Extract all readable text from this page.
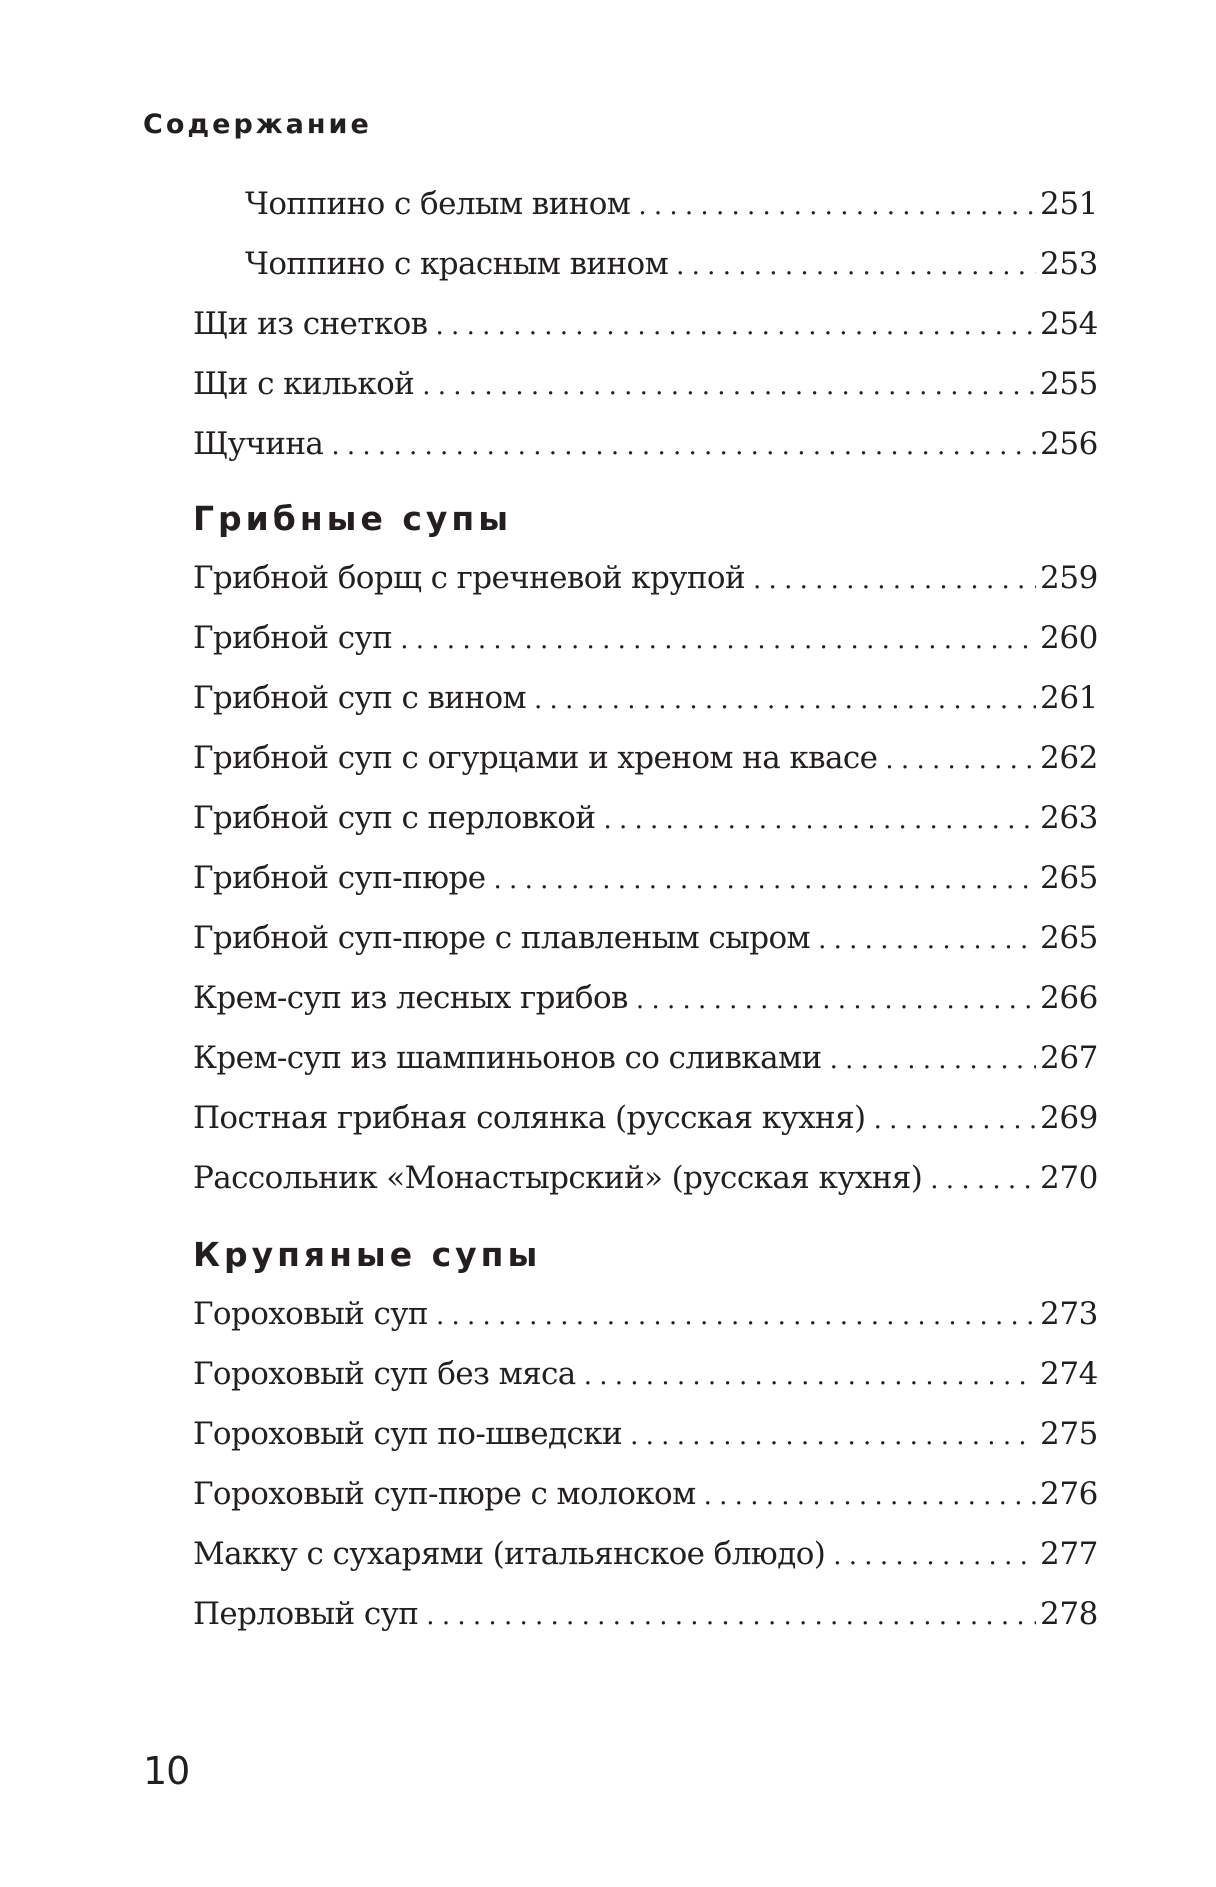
Содержание
Чоппино с белым вином . . .	251
Чоппино с красным вином . . .	253
Щи из снетков . . .	254
Щи с килькой . . .	255
Щучина . . .	256
Грибные супы
Грибной борщ с гречневой крупой . . .	259
Грибной суп . . .	260
Грибной суп с вином . . .	261
Грибной суп с огурцами и хреном на квасе . . .	262
Грибной суп с перловкой . . .	263
Грибной суп-пюре . . .	265
Грибной суп-пюре с плавленым сыром . . .	265
Крем-суп из лесных грибов . . .	266
Крем-суп из шампиньонов со сливками . . .	267
Постная грибная солянка (русская кухня) . . .	269
Рассольник «Монастырский» (русская кухня) . . .	270
Крупяные супы
Гороховый суп . . .	273
Гороховый суп без мяса . . .	274
Гороховый суп по-шведски . . .	275
Гороховый суп-пюре с молоком . . .	276
Макку с сухарями (итальянское блюдо) . . .	277
Перловый суп . . .	278

10
